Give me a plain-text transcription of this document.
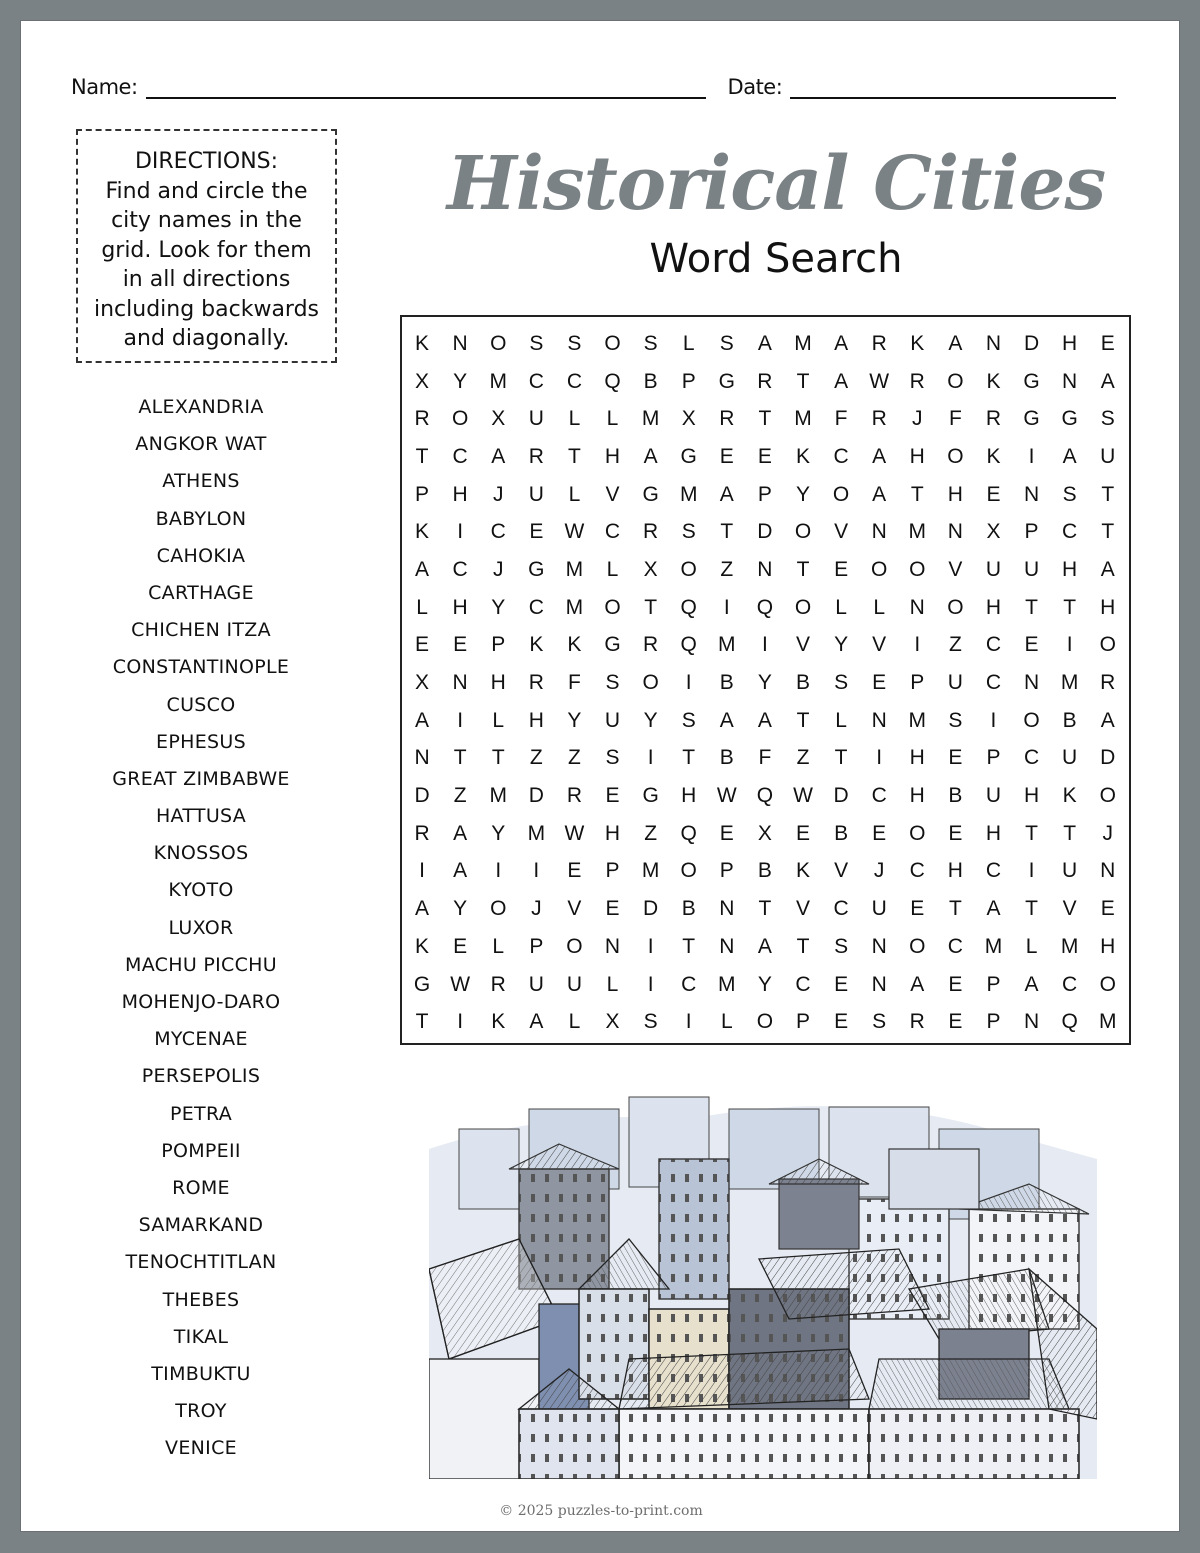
Name:	Date:
DIRECTIONS:
Find and circle the
city names in the
grid. Look for them
in all directions
including backwards
and diagonally.
ALEXANDRIA
ANGKOR WAT
ATHENS
BABYLON
CAHOKIA
CARTHAGE
CHICHEN ITZA
CONSTANTINOPLE
CUSCO
EPHESUS
GREAT ZIMBABWE
HATTUSA
KNOSSOS
KYOTO
LUXOR
MACHU PICCHU
MOHENJO-DARO
MYCENAE
PERSEPOLIS
PETRA
POMPEII
ROME
SAMARKAND
TENOCHTITLAN
THEBES
TIKAL
TIMBUKTU
TROY
VENICE
Historical Cities
Word Search
K	N	O	S	S	O	S	L	S	A	M	A	R	K	A	N	D	H	E
X	Y	M	C	C	Q	B	P	G	R	T	A	W R	O	K	G	N	A
R	O	X	U	L	L	M	X	R	T	M	F	R	J	F	R	G	G	S
T	C	A	R	T	H	A	G	E	E	K	C	A	H	O	K	I	A	U
P	H	J	U	L	V	G	M	A	P	Y	O	A	T	H	E	N	S	T
K	I	C	E	W C	R	S	T	D	O	V	N	M	N	X	P	C	T
A	C	J	G	M	L	X	O	Z	N	T	E	O	O	V	U	U	H	A
L	H	Y	C	M	O	T	Q	I	Q	O	L	L	N	O	H	T	T	H
E	E	P	K	K	G	R	Q	M	I	V	Y	V	I	Z	C	E	I	O
X	N	H	R	F	S	O	I	B	Y	B	S	E	P	U	C	N	M	R
A	I	L	H	Y	U	Y	S	A	A	T	L	N	M	S	I	O	B	A
N	T	T	Z	Z	S	I	T	B	F	Z	T	I	H	E	P	C	U	D
D	Z	M	D	R	E	G	H W Q W D	C	H	B	U	H	K	O
R	A	Y	M W H	Z	Q	E	X	E	B	E	O	E	H	T	T	J
I	A	I	I	E	P	M	O	P	B	K	V	J	C	H	C	I	U	N
A	Y	O	J	V	E	D	B	N	T	V	C	U	E	T	A	T	V	E
K	E	L	P	O	N	I	T	N	A	T	S	N	O	C	M	L	M	H
G W R	U	U	L	I	C	M	Y	C	E	N	A	E	P	A	C	O
T	I	K	A	L	X	S	I	L	O	P	E	S	R	E	P	N	Q	M
© 2025 puzzles-to-print.com
